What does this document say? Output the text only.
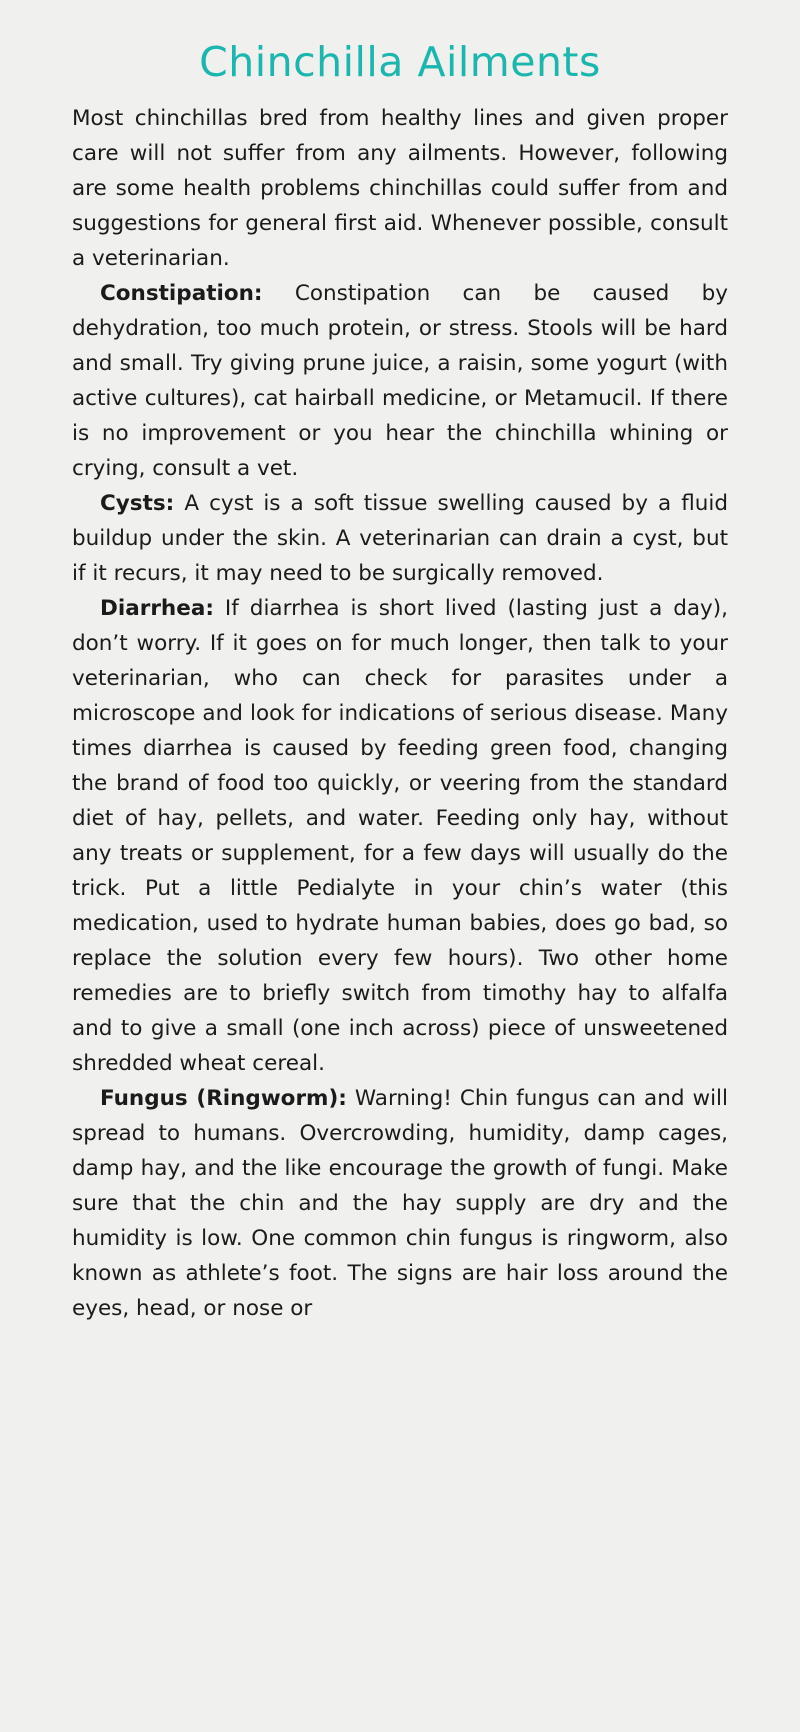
Chinchilla Ailments

Most chinchillas bred from healthy lines and given proper care will not suffer from any ailments. However, following are some health problems chinchillas could suffer from and suggestions for general first aid. Whenever possible, consult a veterinarian.

Constipation: Constipation can be caused by dehydration, too much protein, or stress. Stools will be hard and small. Try giving prune juice, a raisin, some yogurt (with active cultures), cat hairball medicine, or Metamucil. If there is no improvement or you hear the chinchilla whining or crying, consult a vet.

Cysts: A cyst is a soft tissue swelling caused by a fluid buildup under the skin. A veterinarian can drain a cyst, but if it recurs, it may need to be surgically removed.

Diarrhea: If diarrhea is short lived (lasting just a day), don’t worry. If it goes on for much longer, then talk to your veterinarian, who can check for parasites under a microscope and look for indications of serious disease. Many times diarrhea is caused by feeding green food, changing the brand of food too quickly, or veering from the standard diet of hay, pellets, and water. Feeding only hay, without any treats or supplement, for a few days will usually do the trick. Put a little Pedialyte in your chin’s water (this medication, used to hydrate human babies, does go bad, so replace the solution every few hours). Two other home remedies are to briefly switch from timothy hay to alfalfa and to give a small (one inch across) piece of unsweetened shredded wheat cereal.

Fungus (Ringworm): Warning! Chin fungus can and will spread to humans. Overcrowding, humidity, damp cages, damp hay, and the like encourage the growth of fungi. Make sure that the chin and the hay supply are dry and the humidity is low. One common chin fungus is ringworm, also known as athlete’s foot. The signs are hair loss around the eyes, head, or nose or
